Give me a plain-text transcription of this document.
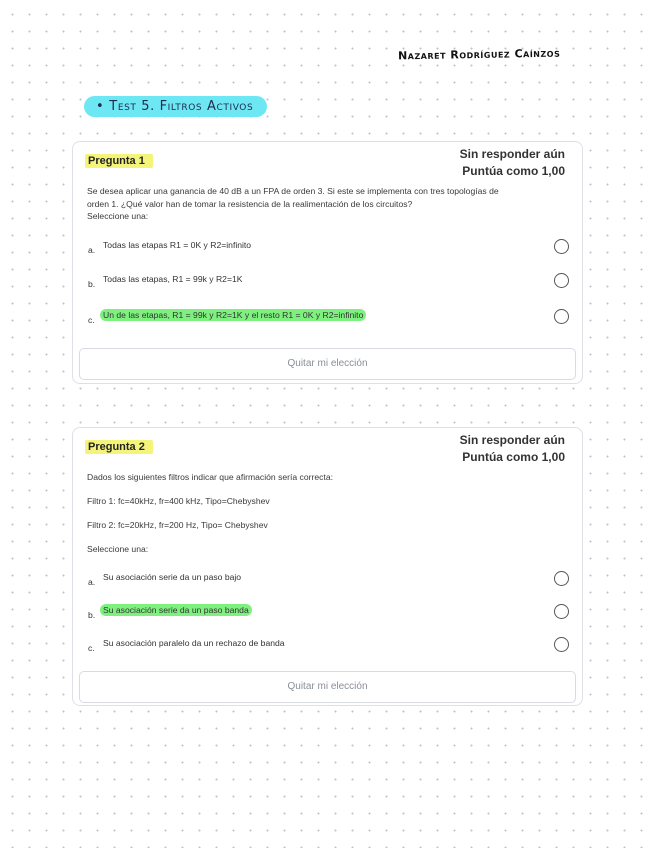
Nazaret Rodríguez Caínzos
• Test 5. Filtros Activos
Pregunta 1	Sin responder aún
Puntúa como 1,00
Se desea aplicar una ganancia de 40 dB a un FPA de orden 3. Si este se implementa con tres topologías de
orden 1. ¿Qué valor han de tomar la resistencia de la realimentación de los circuitos?
Seleccione una:
a. Todas las etapas R1 = 0K y R2=infinito
b. Todas las etapas, R1 = 99k y R2=1K
c. Un de las etapas, R1 = 99k y R2=1K y el resto R1 = 0K y R2=infinito
Quitar mi elección
Pregunta 2	Sin responder aún
Puntúa como 1,00
Dados los siguientes filtros indicar que afirmación sería correcta:
Filtro 1: fc=40kHz, fr=400 kHz, Tipo=Chebyshev
Filtro 2: fc=20kHz, fr=200 Hz, Tipo= Chebyshev
Seleccione una:
a. Su asociación serie da un paso bajo
b. Su asociación serie da un paso banda
c. Su asociación paralelo da un rechazo de banda
Quitar mi elección
